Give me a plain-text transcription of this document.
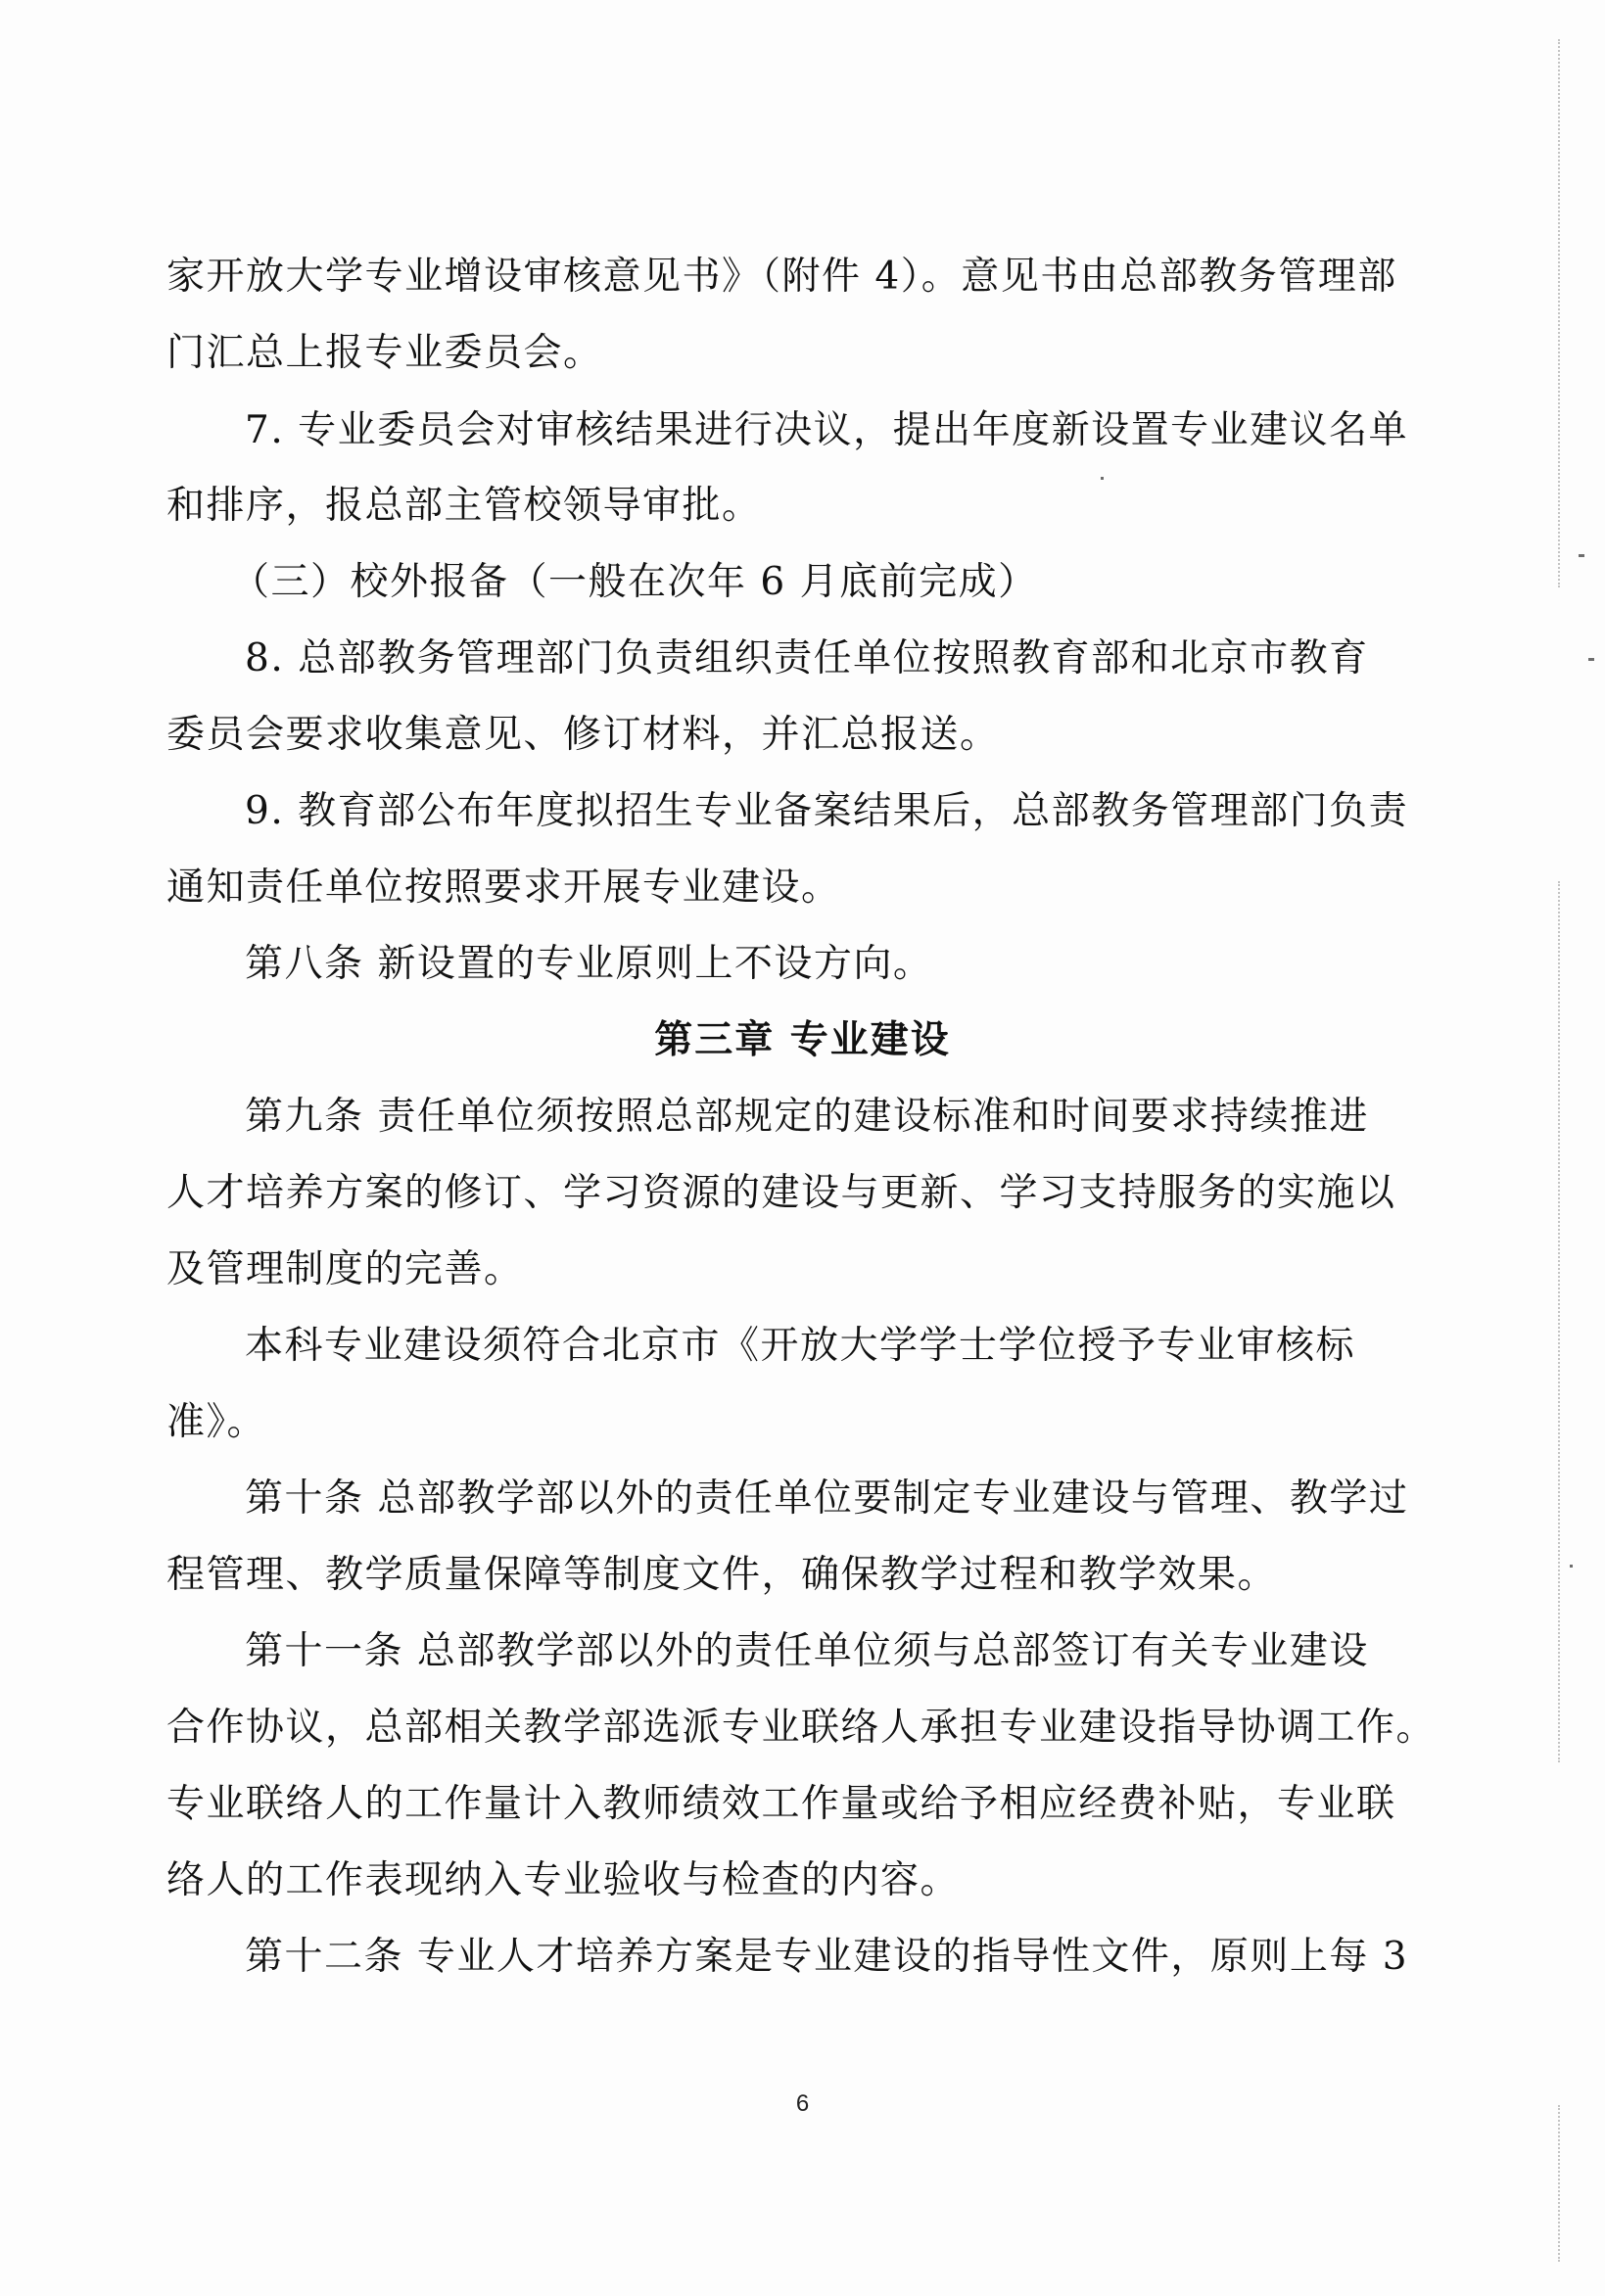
家开放大学专业增设审核意见书》（附件 4）。意见书由总部教务管理部
门汇总上报专业委员会。
7. 专业委员会对审核结果进行决议，提出年度新设置专业建议名单
和排序，报总部主管校领导审批。
（三）校外报备（一般在次年 6 月底前完成）
8. 总部教务管理部门负责组织责任单位按照教育部和北京市教育
委员会要求收集意见、修订材料，并汇总报送。
9. 教育部公布年度拟招生专业备案结果后，总部教务管理部门负责
通知责任单位按照要求开展专业建设。
第八条 新设置的专业原则上不设方向。
第三章 专业建设
第九条 责任单位须按照总部规定的建设标准和时间要求持续推进
人才培养方案的修订、学习资源的建设与更新、学习支持服务的实施以
及管理制度的完善。
本科专业建设须符合北京市《开放大学学士学位授予专业审核标
准》。
第十条 总部教学部以外的责任单位要制定专业建设与管理、教学过
程管理、教学质量保障等制度文件，确保教学过程和教学效果。
第十一条 总部教学部以外的责任单位须与总部签订有关专业建设
合作协议，总部相关教学部选派专业联络人承担专业建设指导协调工作。
专业联络人的工作量计入教师绩效工作量或给予相应经费补贴，专业联
络人的工作表现纳入专业验收与检查的内容。
第十二条 专业人才培养方案是专业建设的指导性文件，原则上每 3
6
